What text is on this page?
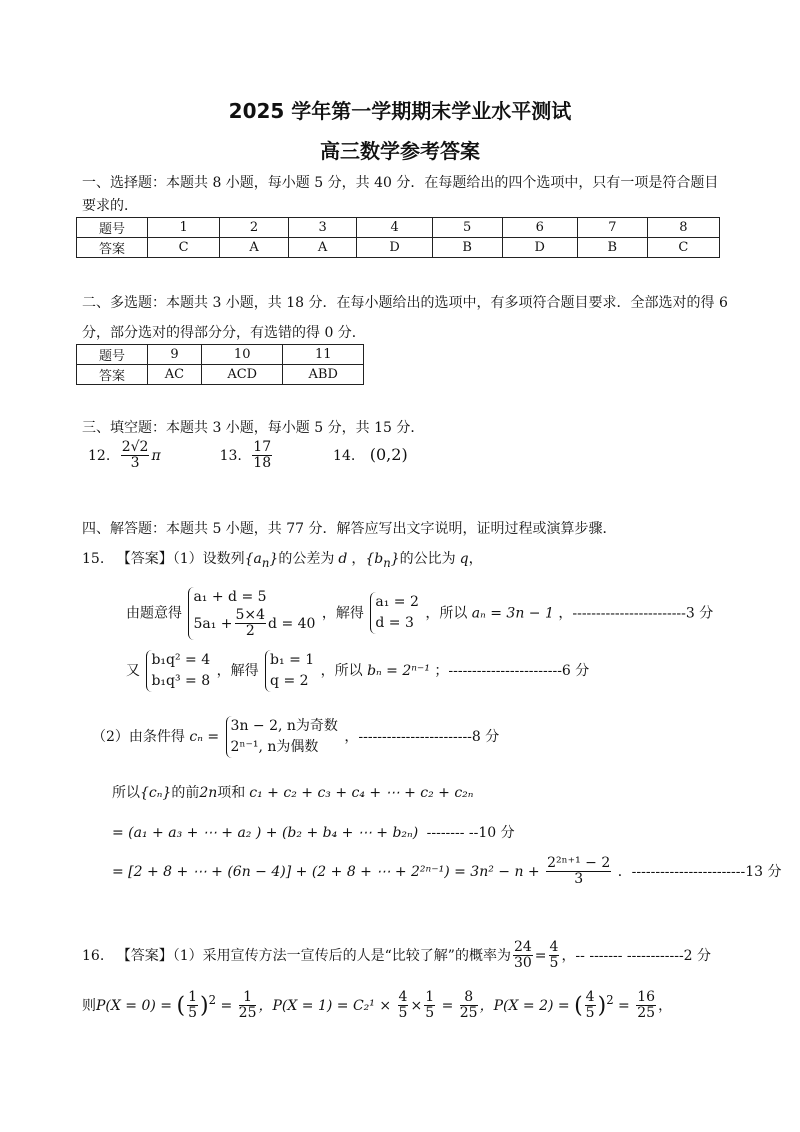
2025 学年第一学期期末学业水平测试
高三数学参考答案
一、选择题：本题共 8 小题，每小题 5 分，共 40 分．在每题给出的四个选项中，只有一项是符合题目
要求的．
题号	1	2	3	4	5	6	7	8
答案	C	A	A	D	B	D	B	C
二、多选题：本题共 3 小题，共 18 分．在每小题给出的选项中，有多项符合题目要求．全部选对的得 6
分，部分选对的得部分分，有选错的得 0 分．
题号	9	10	11
答案	AC	ACD	ABD
三、填空题：本题共 3 小题，每小题 5 分，共 15 分．
12. $\frac{2√2}{3}$ π	13. $\frac{17}{18}$	14. (0,2)
四、解答题：本题共 5 小题，共 77 分．解答应写出文字说明，证明过程或演算步骤．
15. 【答案】（1）设数列$\{a_n\}$的公差为 d ，$\{b_n\}$的公比为 q，
由题意得
a₁ + d = 5
$5a_1 + \frac{5\times 4}{2}$ d = 40
，解得
a₁ = 2
d = 3
，所以 aₙ = 3n − 1 ，------------------------3 分
又
b₁q² = 4
b₁q³ = 8
，解得
b₁ = 1
q = 2
，所以 bₙ = 2ⁿ⁻¹ ；------------------------6 分
（2）由条件得 cₙ =
3n − 2, n为奇数
2ⁿ⁻¹, n为偶数
，------------------------8 分
所以{cₙ}的前2n项和 c₁ + c₂ + c₃ + c₄ + ⋯ + c₂ + c₂ₙ
= (a₁ + a₃ + ⋯ + a₂ ) + (b₂ + b₄ + ⋯ + b₂ₙ) -------- --10 分
= [2 + 8 + ⋯ + (6n − 4)] + (2 + 8 + ⋯ + $2^{2n-1}) = 3n^2 - n + \frac{\text{2²ⁿ⁺¹ − 2}}{3}$ ．------------------------13 分
16. 【答案】（1）采用宣传方法一宣传后的人是“比较了解”的概率为 $\frac{24}{30} = \frac{4}{5}$ ，-- ------- ------------2 分
则P(X = 0) = ( $\frac{1}{5} )^2 = \frac{1}{25}$ ，$P(X = 1) = C_2^1 \times \frac{4}{5} \times \frac{1}{5} = \frac{8}{25}$ ，P(X = 2) = ( $\frac{4}{5} )^2 = \frac{16}{25}$ ，
